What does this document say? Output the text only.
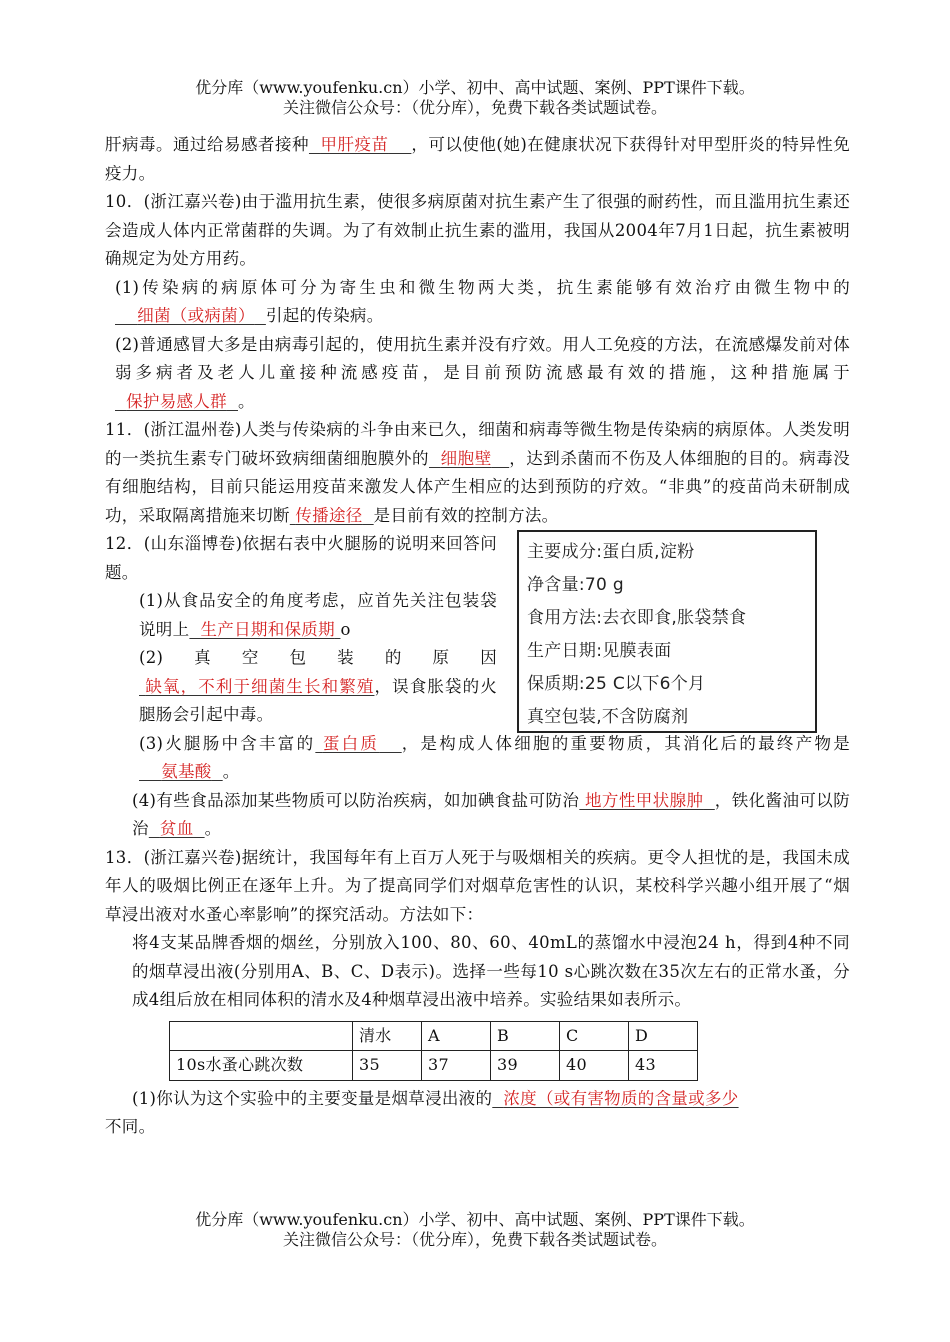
优分库（www.youfenku.cn）小学、初中、高中试题、案例、PPT课件下载。
关注微信公众号：（优分库），免费下载各类试题试卷。

肝病毒。通过给易感者接种 甲肝疫苗 ，可以使他(她)在健康状况下获得针对甲型肝炎的特异性免疫力。

10．(浙江嘉兴卷)由于滥用抗生素，使很多病原菌对抗生素产生了很强的耐药性，而且滥用抗生素还会造成人体内正常菌群的失调。为了有效制止抗生素的滥用，我国从2004年7月1日起，抗生素被明确规定为处方用药。

(1)传染病的病原体可分为寄生虫和微生物两大类，抗生素能够有效治疗由微生物中的    细菌（或病菌） 引起的传染病。

(2)普通感冒大多是由病毒引起的，使用抗生素并没有疗效。用人工免疫的方法，在流感爆发前对体弱多病者及老人儿童接种流感疫苗，是目前预防流感最有效的措施，这种措施属于  保护易感人群 。

11．(浙江温州卷)人类与传染病的斗争由来已久，细菌和病毒等微生物是传染病的病原体。人类发明的一类抗生素专门破坏致病细菌细胞膜外的 细胞壁 ，达到杀菌而不伤及人体细胞的目的。病毒没有细胞结构，目前只能运用疫苗来激发人体产生相应的达到预防的疗效。“非典”的疫苗尚未研制成功，采取隔离措施来切断 传播途径 是目前有效的控制方法。

12．(山东淄博卷)依据右表中火腿肠的说明来回答问题。

(1)从食品安全的角度考虑，应首先关注包装袋说明上 生产日期和保质期 o

(2)真空包装的原因 缺氧，不利于细菌生长和繁殖，误食胀袋的火腿肠会引起中毒。

主要成分:蛋白质,淀粉
净含量:70 g
食用方法:去衣即食,胀袋禁食
生产日期:见膜表面
保质期:25 C以下6个月
真空包装,不含防腐剂

(3)火腿肠中含丰富的 蛋白质 ，是构成人体细胞的重要物质，其消化后的最终产物是    氨基酸 。

(4)有些食品添加某些物质可以防治疾病，如加碘食盐可防治 地方性甲状腺肿 ，铁化酱油可以防治 贫血 。

13．(浙江嘉兴卷)据统计，我国每年有上百万人死于与吸烟相关的疾病。更令人担忧的是，我国未成年人的吸烟比例正在逐年上升。为了提高同学们对烟草危害性的认识，某校科学兴趣小组开展了“烟草浸出液对水蚤心率影响”的探究活动。方法如下：

将4支某品牌香烟的烟丝，分别放入100、80、60、40mL的蒸馏水中浸泡24 h，得到4种不同的烟草浸出液(分别用A、B、C、D表示)。选择一些每10 s心跳次数在35次左右的正常水蚤，分成4组后放在相同体积的清水及4种烟草浸出液中培养。实验结果如表所示。

	清水	A	B	C	D
10s水蚤心跳次数	35	37	39	40	43

(1)你认为这个实验中的主要变量是烟草浸出液的 浓度（或有害物质的含量或多少

不同。

优分库（www.youfenku.cn）小学、初中、高中试题、案例、PPT课件下载。
关注微信公众号：（优分库），免费下载各类试题试卷。
